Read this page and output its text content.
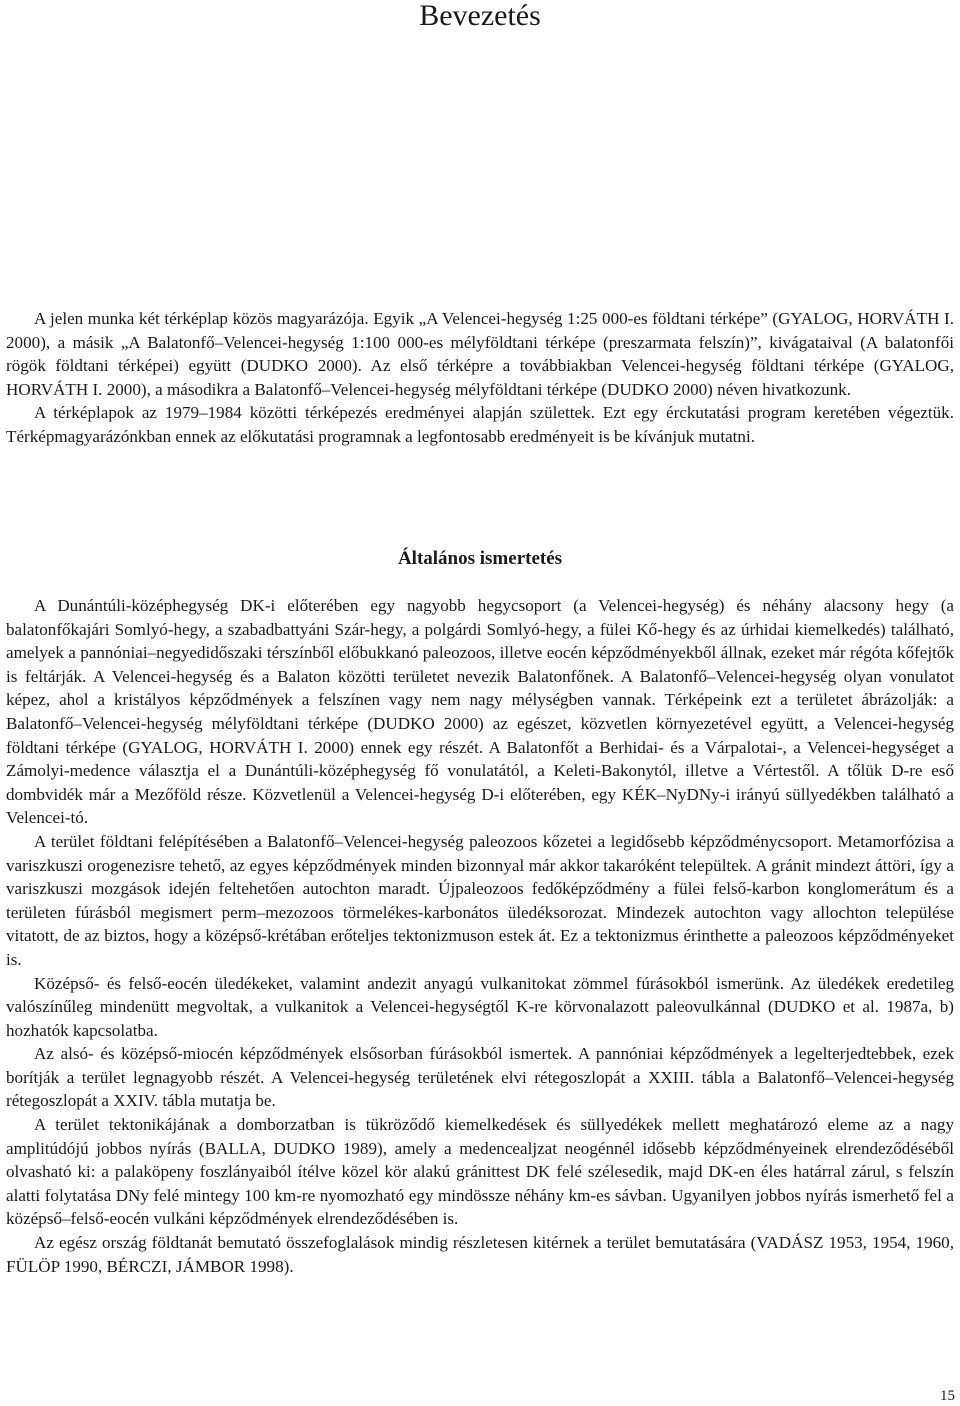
Bevezetés

A jelen munka két térképlap közös magyarázója. Egyik „A Velencei-hegység 1:25 000-es földtani térképe” (GYALOG, HORVÁTH I. 2000), a másik „A Balatonfő–Velencei-hegység 1:100 000-es mélyföldtani térképe (preszarmata felszín)”, kivágataival (A balatonfői rögök földtani térképei) együtt (DUDKO 2000). Az első térképre a továbbiakban Velencei-hegység földtani térképe (GYALOG, HORVÁTH I. 2000), a másodikra a Balatonfő–Velencei-hegység mélyföldtani térképe (DUDKO 2000) néven hivatkozunk.

A térképlapok az 1979–1984 közötti térképezés eredményei alapján születtek. Ezt egy érckutatási program keretében végeztük. Térképmagyarázónkban ennek az előkutatási programnak a legfontosabb eredményeit is be kívánjuk mutatni.

Általános ismertetés

A Dunántúli-középhegység DK-i előterében egy nagyobb hegycsoport (a Velencei-hegység) és néhány alacsony hegy (a balatonfőkajári Somlyó-hegy, a szabadbattyáni Szár-hegy, a polgárdi Somlyó-hegy, a fülei Kő-hegy és az úrhidai kiemelkedés) található, amelyek a pannóniai–negyedidőszaki térszínből előbukkanó paleozoos, illetve eocén képződményekből állnak, ezeket már régóta kőfejtők is feltárják. A Velencei-hegység és a Balaton közötti területet nevezik Balatonfőnek. A Balatonfő–Velencei-hegység olyan vonulatot képez, ahol a kristályos képződmények a felszínen vagy nem nagy mélységben vannak. Térképeink ezt a területet ábrázolják: a Balatonfő–Velencei-hegység mélyföldtani térképe (DUDKO 2000) az egészet, közvetlen környezetével együtt, a Velencei-hegység földtani térképe (GYALOG, HORVÁTH I. 2000) ennek egy részét. A Balatonfőt a Berhidai- és a Várpalotai-, a Velencei-hegységet a Zámolyi-medence választja el a Dunántúli-középhegység fő vonulatától, a Keleti-Bakonytól, illetve a Vértestől. A tőlük D-re eső dombvidék már a Mezőföld része. Közvetlenül a Velencei-hegység D-i előterében, egy KÉK–NyDNy-i irányú süllyedékben található a Velencei-tó.

A terület földtani felépítésében a Balatonfő–Velencei-hegység paleozoos kőzetei a legidősebb képződménycsoport. Metamorfózisa a variszkuszi orogenezisre tehető, az egyes képződmények minden bizonnyal már akkor takaróként települtek. A gránit mindezt áttöri, így a variszkuszi mozgások idején feltehetően autochton maradt. Újpaleozoos fedőképződmény a fülei felső-karbon konglomerátum és a területen fúrásból megismert perm–mezozoos törmelékes-karbonátos üledéksorozat. Mindezek autochton vagy allochton települése vitatott, de az biztos, hogy a középső-krétában erőteljes tektonizmuson estek át. Ez a tektonizmus érinthette a paleozoos képződményeket is.

Középső- és felső-eocén üledékeket, valamint andezit anyagú vulkanitokat zömmel fúrásokból ismerünk. Az üledékek eredetileg valószínűleg mindenütt megvoltak, a vulkanitok a Velencei-hegységtől K-re körvonalazott paleovulkánnal (DUDKO et al. 1987a, b) hozhatók kapcsolatba.

Az alsó- és középső-miocén képződmények elsősorban fúrásokból ismertek. A pannóniai képződmények a legelterjedtebbek, ezek borítják a terület legnagyobb részét. A Velencei-hegység területének elvi rétegoszlopát a XXIII. tábla a Balatonfő–Velencei-hegység rétegoszlopát a XXIV. tábla mutatja be.

A terület tektonikájának a domborzatban is tükröződő kiemelkedések és süllyedékek mellett meghatározó eleme az a nagy amplitúdójú jobbos nyírás (BALLA, DUDKO 1989), amely a medencealjzat neogénnél idősebb képződményeinek elrendeződéséből olvasható ki: a palaköpeny foszlányaiból ítélve közel kör alakú gránittest DK felé szélesedik, majd DK-en éles határral zárul, s felszín alatti folytatása DNy felé mintegy 100 km-re nyomozható egy mindössze néhány km-es sávban. Ugyanilyen jobbos nyírás ismerhető fel a középső–felső-eocén vulkáni képződmények elrendeződésében is.

Az egész ország földtanát bemutató összefoglalások mindig részletesen kitérnek a terület bemutatására (VADÁSZ 1953, 1954, 1960, FÜLÖP 1990, BÉRCZI, JÁMBOR 1998).

15
